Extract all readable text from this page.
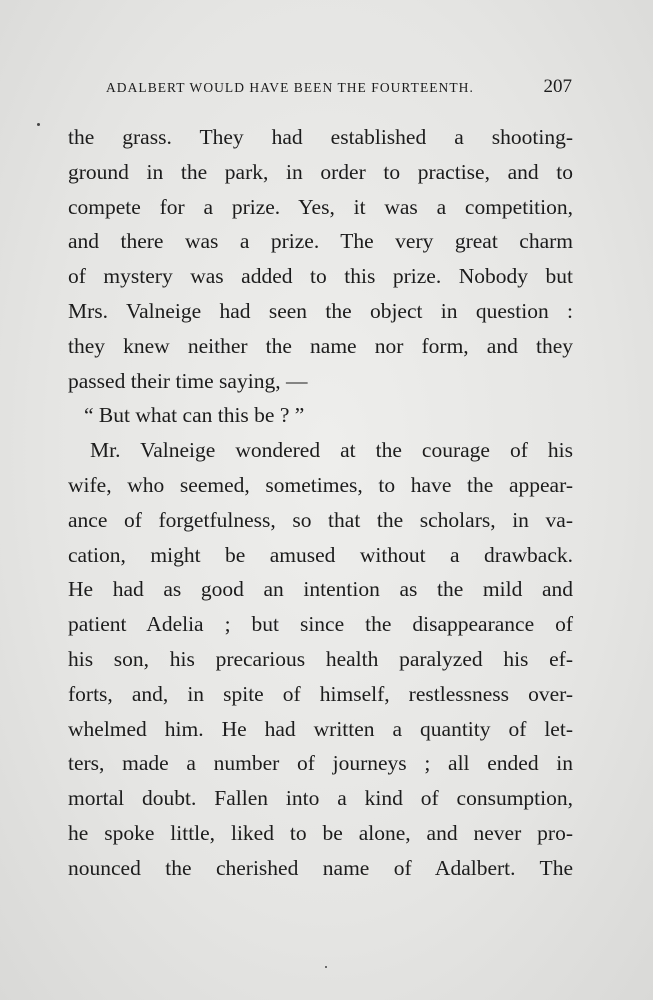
ADALBERT WOULD HAVE BEEN THE FOURTEENTH.	207
the grass. They had established a shooting-
ground in the park, in order to practise, and to
compete for a prize. Yes, it was a competition,
and there was a prize. The very great charm
of mystery was added to this prize. Nobody but
Mrs. Valneige had seen the object in question :
they knew neither the name nor form, and they
passed their time saying, —
“ But what can this be ? ”
Mr. Valneige wondered at the courage of his
wife, who seemed, sometimes, to have the appear-
ance of forgetfulness, so that the scholars, in va-
cation, might be amused without a drawback.
He had as good an intention as the mild and
patient Adelia ; but since the disappearance of
his son, his precarious health paralyzed his ef-
forts, and, in spite of himself, restlessness over-
whelmed him. He had written a quantity of let-
ters, made a number of journeys ; all ended in
mortal doubt. Fallen into a kind of consumption,
he spoke little, liked to be alone, and never pro-
nounced the cherished name of Adalbert. The
